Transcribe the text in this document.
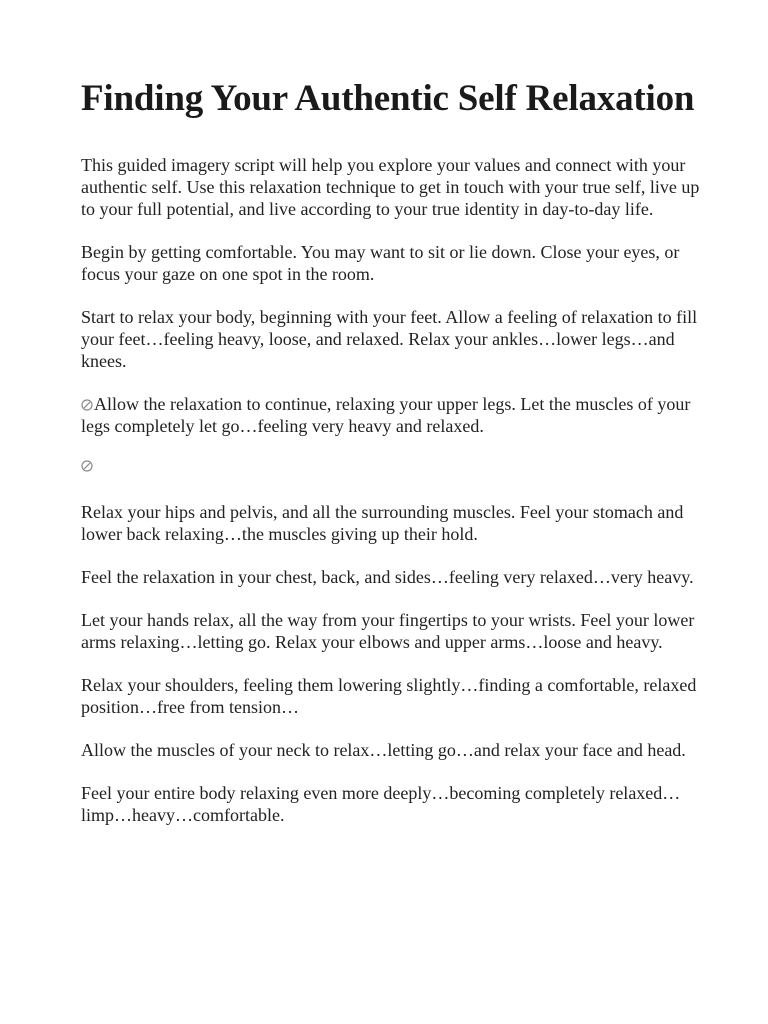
Finding Your Authentic Self Relaxation

This guided imagery script will help you explore your values and connect with your authentic self. Use this relaxation technique to get in touch with your true self, live up to your full potential, and live according to your true identity in day-to-day life.

Begin by getting comfortable. You may want to sit or lie down. Close your eyes, or focus your gaze on one spot in the room.

Start to relax your body, beginning with your feet. Allow a feeling of relaxation to fill your feet…feeling heavy, loose, and relaxed. Relax your ankles…lower legs…and knees.

Allow the relaxation to continue, relaxing your upper legs. Let the muscles of your legs completely let go…feeling very heavy and relaxed.

Relax your hips and pelvis, and all the surrounding muscles. Feel your stomach and lower back relaxing…the muscles giving up their hold.

Feel the relaxation in your chest, back, and sides…feeling very relaxed…very heavy.

Let your hands relax, all the way from your fingertips to your wrists. Feel your lower arms relaxing…letting go. Relax your elbows and upper arms…loose and heavy.

Relax your shoulders, feeling them lowering slightly…finding a comfortable, relaxed position…free from tension…

Allow the muscles of your neck to relax…letting go…and relax your face and head.

Feel your entire body relaxing even more deeply…becoming completely relaxed…limp…heavy…comfortable.
